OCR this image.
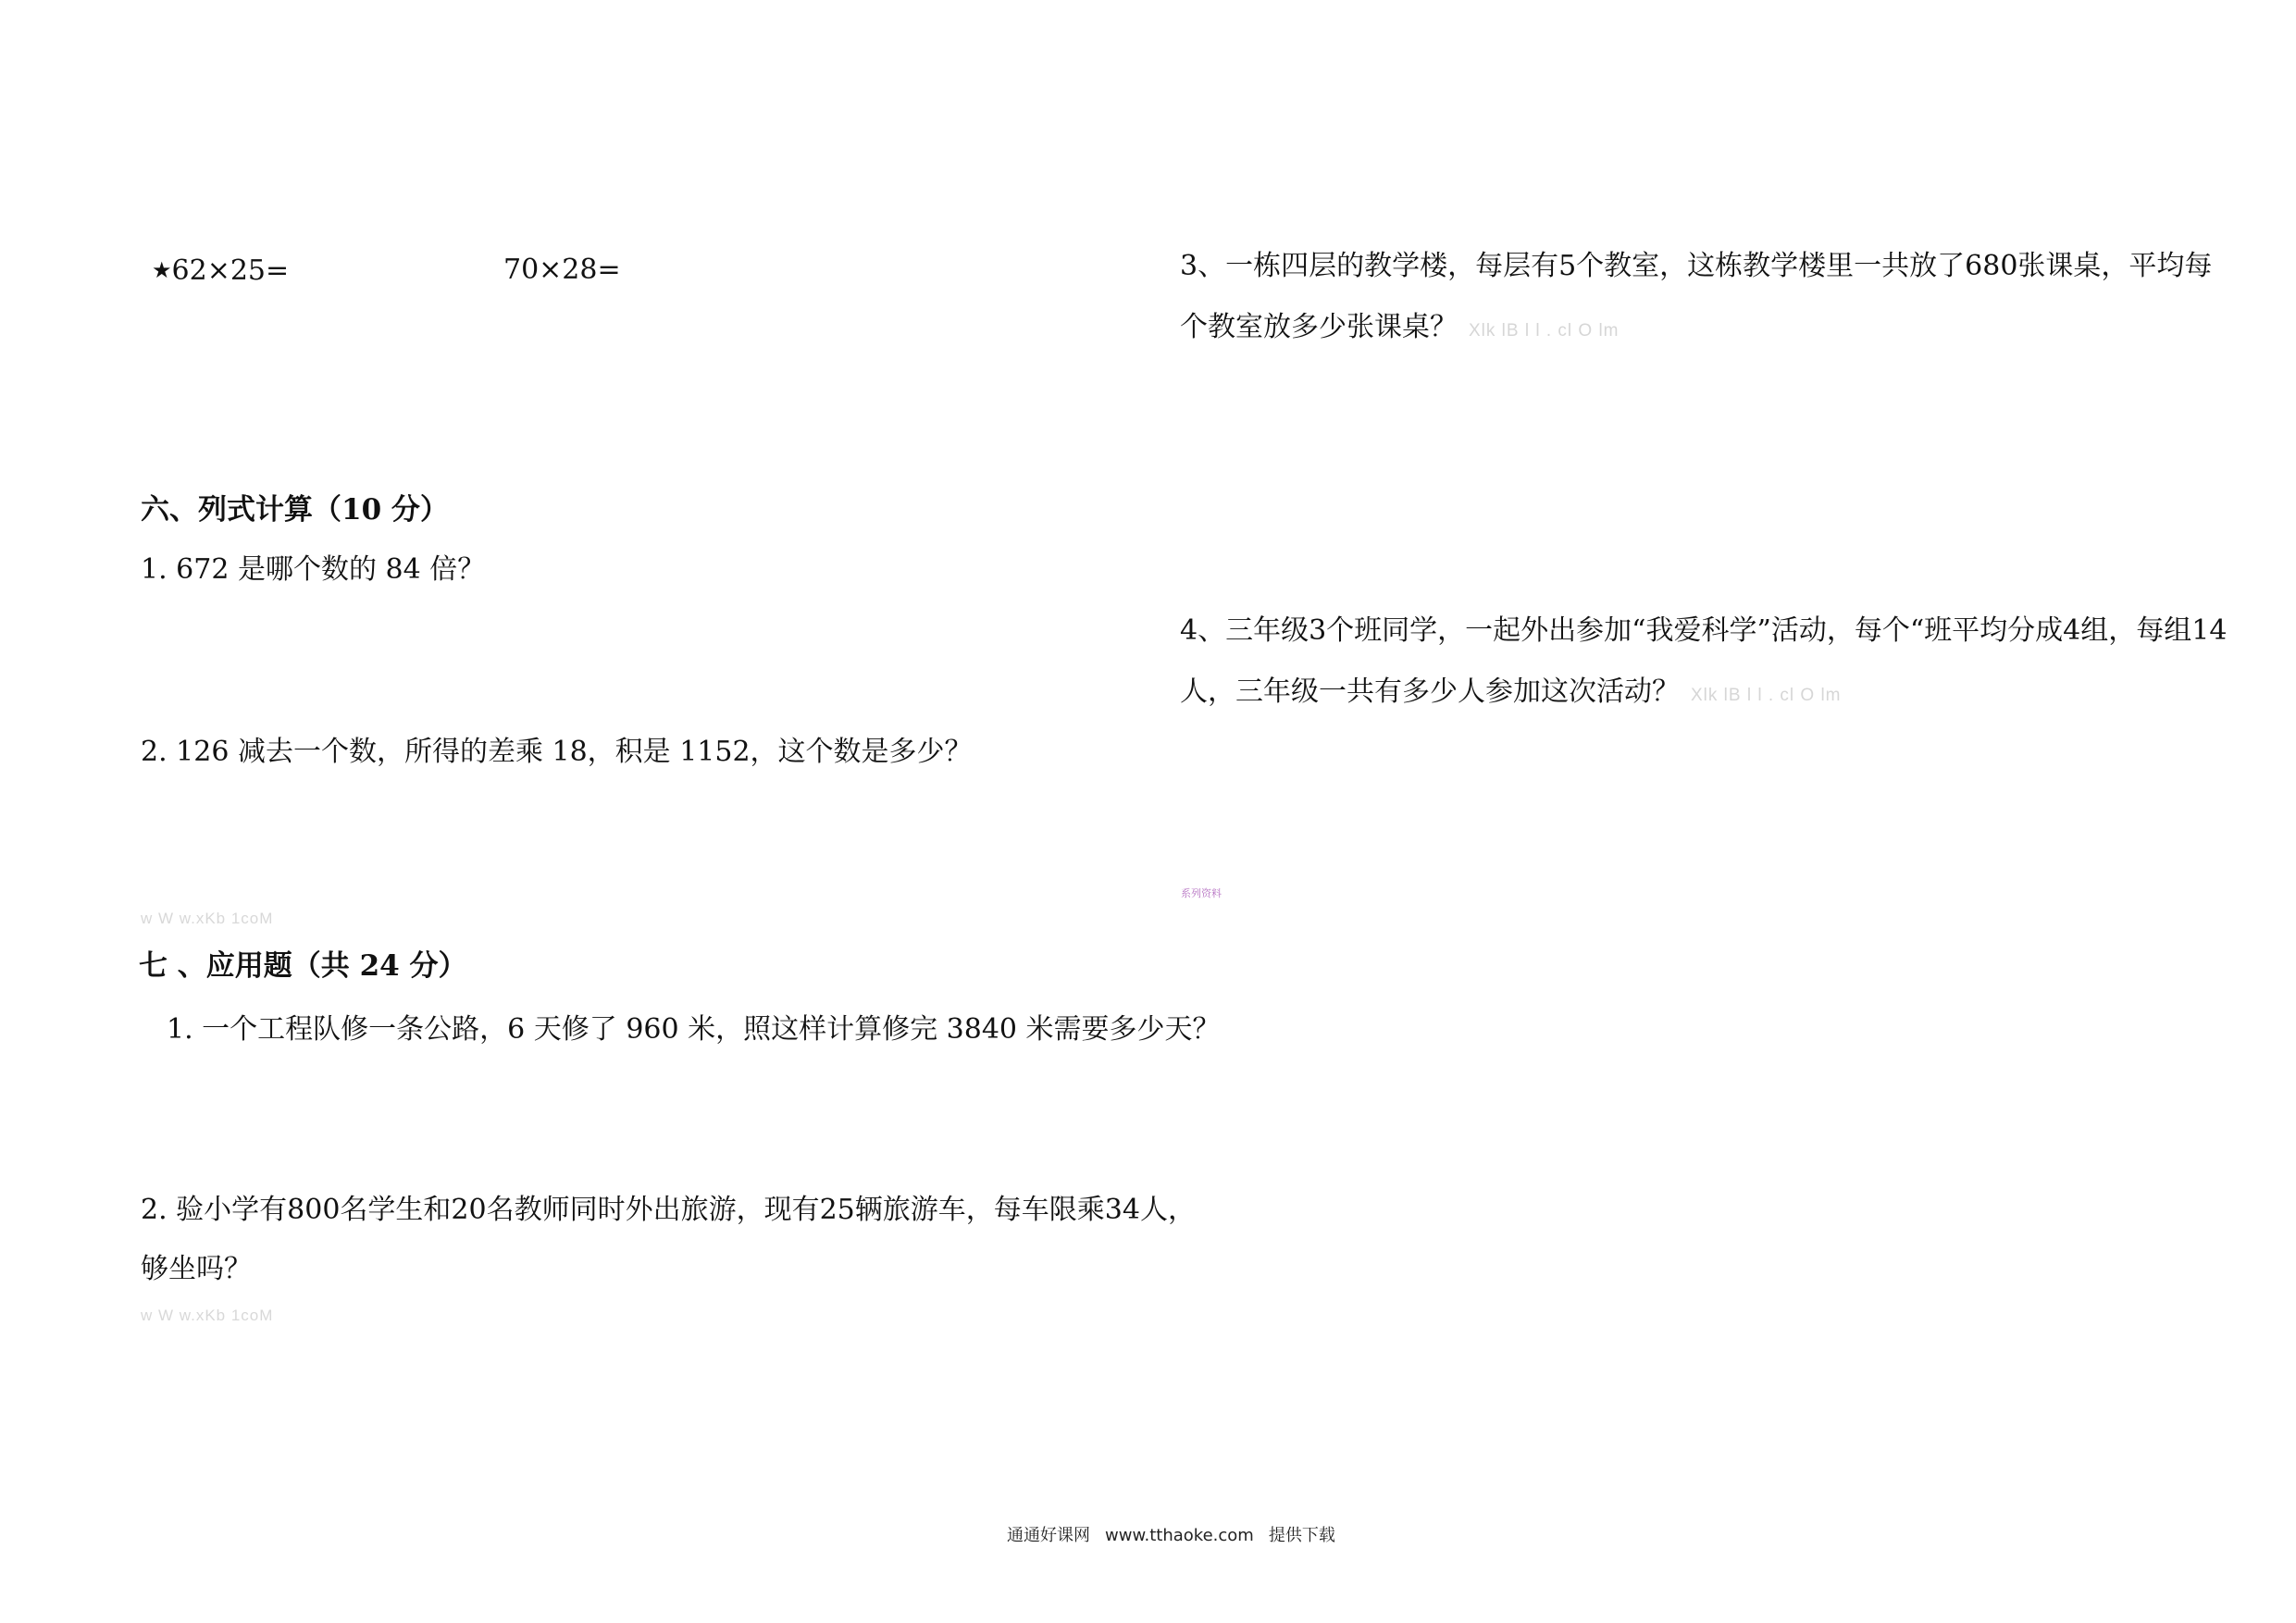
★62×25=	70×28=
六、列式计算（10 分）
1. 672 是哪个数的 84 倍？
2. 126 减去一个数，所得的差乘 18，积是 1152，这个数是多少？
w W w.xKb 1coM
七 、应用题（共 24 分）
1. 一个工程队修一条公路，6 天修了 960 米，照这样计算修完 3840 米需要多少天？
2. 验小学有800名学生和20名教师同时外出旅游，现有25辆旅游车，每车限乘34人，
够坐吗？
w W w.xKb 1coM
3、一栋四层的教学楼，每层有5个教室，这栋教学楼里一共放了680张课桌，平均每
个教室放多少张课桌？ Xlk lB l l . cl O lm
4、三年级3个班同学，一起外出参加“我爱科学”活动，每个“班平均分成4组，每组14
人，三年级一共有多少人参加这次活动？ Xlk lB l l . cl O lm
系列资料
通通好课网 www.tthaoke.com 提供下载
